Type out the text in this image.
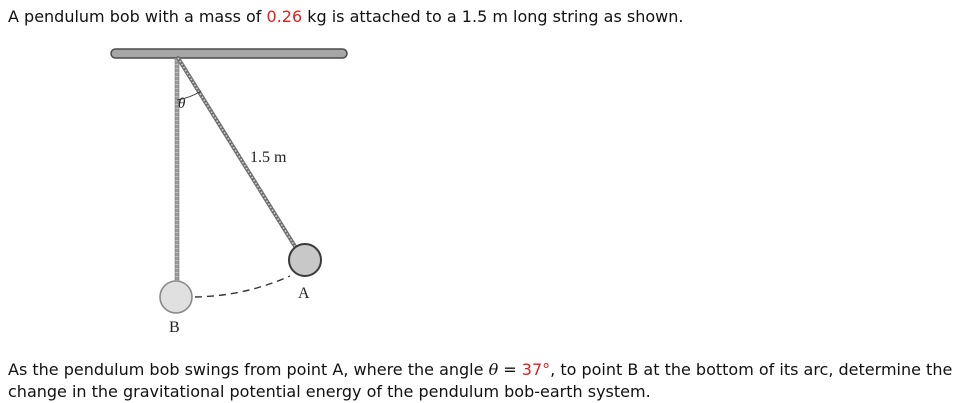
A pendulum bob with a mass of 0.26 kg is attached to a 1.5 m long string as shown.
θ
1.5 m
A
B
As the pendulum bob swings from point A, where the angle θ = 37°, to point B at the bottom of its arc, determine the
change in the gravitational potential energy of the pendulum bob-earth system.
